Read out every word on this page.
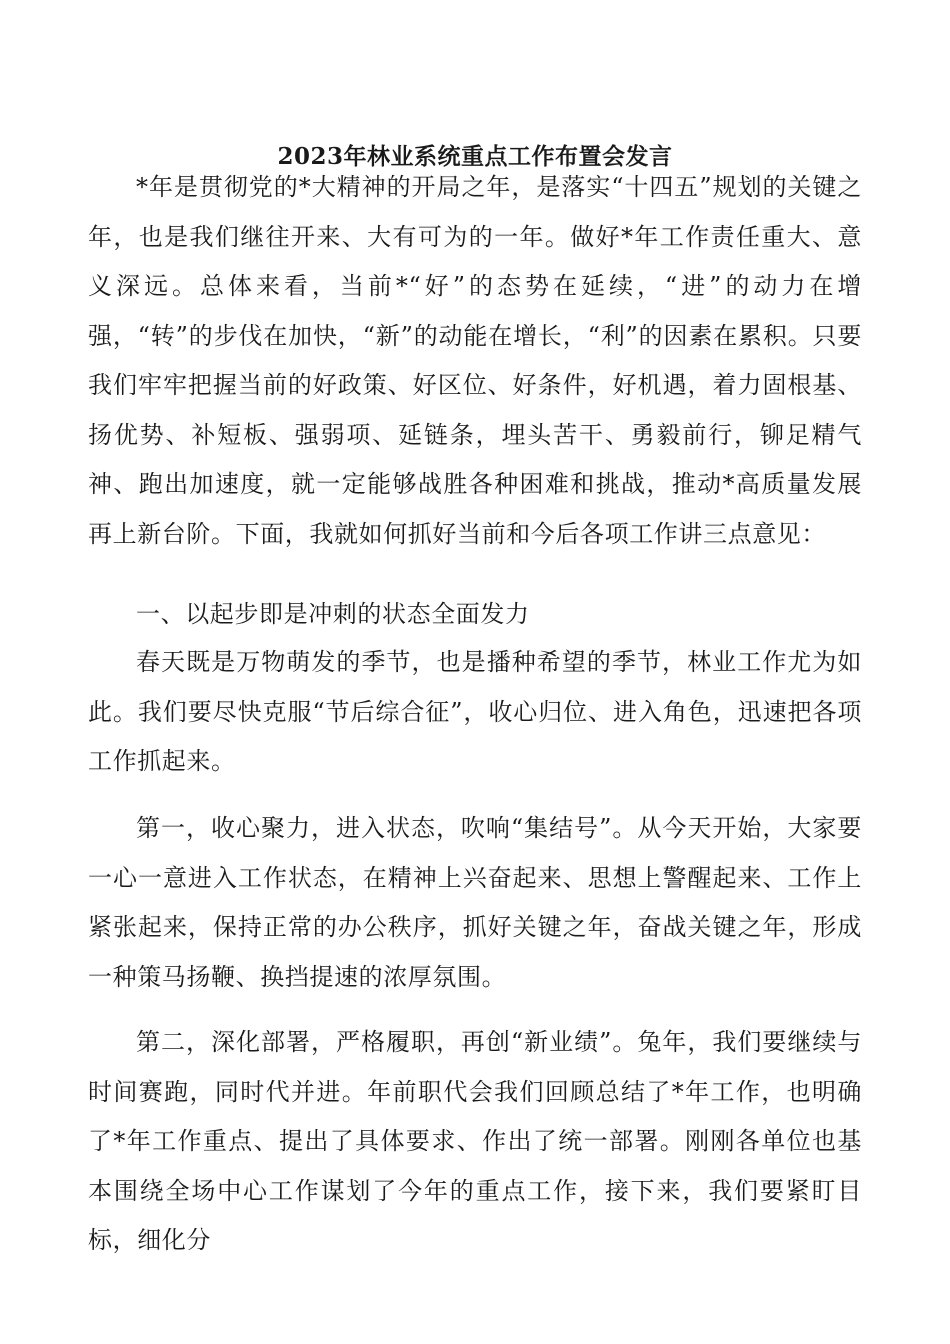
2023年林业系统重点工作布置会发言

*年是贯彻党的*大精神的开局之年，是落实“十四五”规划的关键之年，也是我们继往开来、大有可为的一年。做好*年工作责任重大、意义深远。总体来看，当前*“好”的态势在延续，“进”的动力在增强，“转”的步伐在加快，“新”的动能在增长，“利”的因素在累积。只要我们牢牢把握当前的好政策、好区位、好条件，好机遇，着力固根基、扬优势、补短板、强弱项、延链条，埋头苦干、勇毅前行，铆足精气神、跑出加速度，就一定能够战胜各种困难和挑战，推动*高质量发展再上新台阶。下面，我就如何抓好当前和今后各项工作讲三点意见：

一、以起步即是冲刺的状态全面发力

春天既是万物萌发的季节，也是播种希望的季节，林业工作尤为如此。我们要尽快克服“节后综合征”，收心归位、进入角色，迅速把各项工作抓起来。

第一，收心聚力，进入状态，吹响“集结号”。从今天开始，大家要一心一意进入工作状态，在精神上兴奋起来、思想上警醒起来、工作上紧张起来，保持正常的办公秩序，抓好关键之年，奋战关键之年，形成一种策马扬鞭、换挡提速的浓厚氛围。

第二，深化部署，严格履职，再创“新业绩”。兔年，我们要继续与时间赛跑，同时代并进。年前职代会我们回顾总结了*年工作，也明确了*年工作重点、提出了具体要求、作出了统一部署。刚刚各单位也基本围绕全场中心工作谋划了今年的重点工作，接下来，我们要紧盯目标，细化分
